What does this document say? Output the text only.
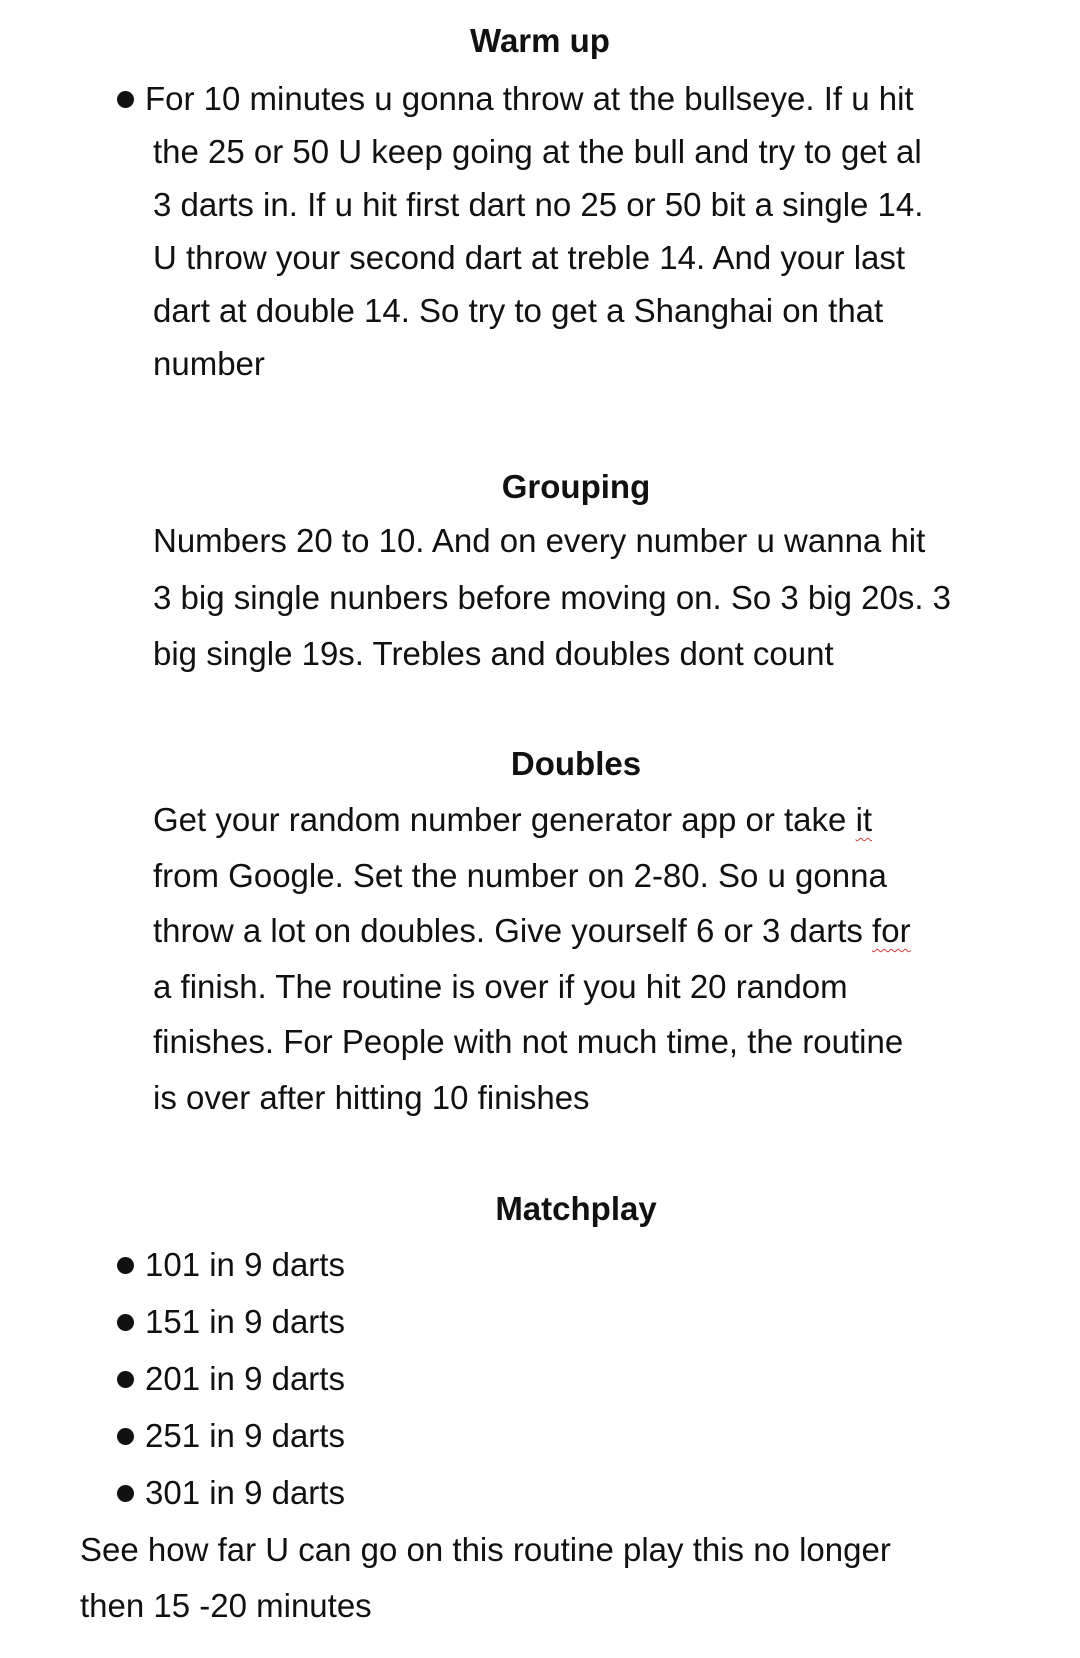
Warm up
For 10 minutes u gonna throw at the bullseye. If u hit
the 25 or 50 U keep going at the bull and try to get al
3 darts in. If u hit first dart no 25 or 50 bit a single 14.
U throw your second dart at treble 14. And your last
dart at double 14. So try to get a Shanghai on that
number
Grouping
Numbers 20 to 10. And on every number u wanna hit
3 big single nunbers before moving on. So 3 big 20s. 3
big single 19s. Trebles and doubles dont count
Doubles
Get your random number generator app or take it
from Google. Set the number on 2-80. So u gonna
throw a lot on doubles. Give yourself 6 or 3 darts for
a finish. The routine is over if you hit 20 random
finishes. For People with not much time, the routine
is over after hitting 10 finishes
Matchplay
101 in 9 darts
151 in 9 darts
201 in 9 darts
251 in 9 darts
301 in 9 darts
See how far U can go on this routine play this no longer
then 15 -20 minutes
